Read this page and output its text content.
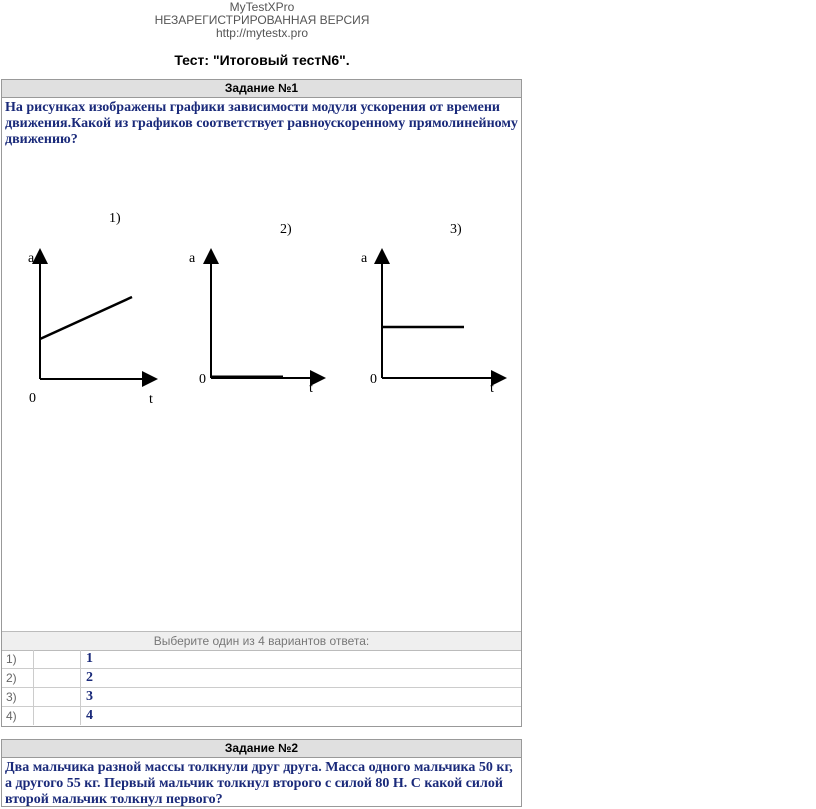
MyTestXPro
НЕЗАРЕГИСТРИРОВАННАЯ ВЕРСИЯ
http://mytestx.pro
Тест: "Итоговый тестN6".
Задание №1
На рисунках изображены графики зависимости модуля ускорения от времени движения.Какой из графиков соответствует равноускоренному прямолинейному движению?
1)
2)	3)
a	a	a
0	t
0
t
0
t
Выберите один из 4 вариантов ответа:
1)	1
2)	2
3)	3
4)	4
Задание №2
Два мальчика разной массы толкнули друг друга. Масса одного мальчика 50 кг, а другого 55 кг. Первый мальчик толкнул второго с силой 80 Н. С какой силой второй мальчик толкнул первого?
